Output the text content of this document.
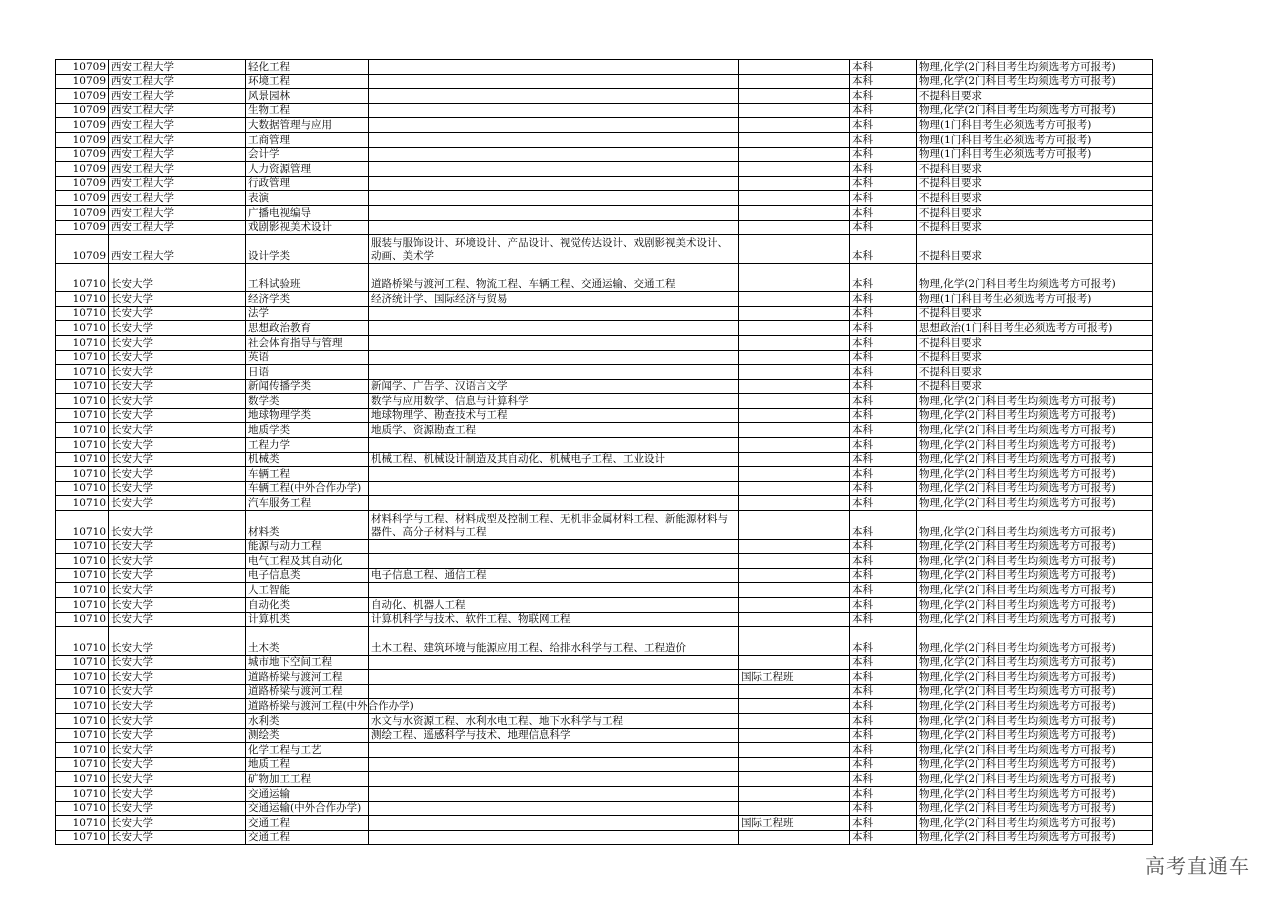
10709	西安工程大学	轻化工程			本科	物理,化学(2门科目考生均须选考方可报考)
10709	西安工程大学	环境工程			本科	物理,化学(2门科目考生均须选考方可报考)
10709	西安工程大学	风景园林			本科	不提科目要求
10709	西安工程大学	生物工程			本科	物理,化学(2门科目考生均须选考方可报考)
10709	西安工程大学	大数据管理与应用			本科	物理(1门科目考生必须选考方可报考)
10709	西安工程大学	工商管理			本科	物理(1门科目考生必须选考方可报考)
10709	西安工程大学	会计学			本科	物理(1门科目考生必须选考方可报考)
10709	西安工程大学	人力资源管理			本科	不提科目要求
10709	西安工程大学	行政管理			本科	不提科目要求
10709	西安工程大学	表演			本科	不提科目要求
10709	西安工程大学	广播电视编导			本科	不提科目要求
10709	西安工程大学	戏剧影视美术设计			本科	不提科目要求
10709	西安工程大学	设计学类	服装与服饰设计、环境设计、产品设计、视觉传达设计、戏剧影视美术设计、动画、美术学		本科	不提科目要求
10710	长安大学	工科试验班	道路桥梁与渡河工程、物流工程、车辆工程、交通运输、交通工程		本科	物理,化学(2门科目考生均须选考方可报考)
10710	长安大学	经济学类	经济统计学、国际经济与贸易		本科	物理(1门科目考生必须选考方可报考)
10710	长安大学	法学			本科	不提科目要求
10710	长安大学	思想政治教育			本科	思想政治(1门科目考生必须选考方可报考)
10710	长安大学	社会体育指导与管理			本科	不提科目要求
10710	长安大学	英语			本科	不提科目要求
10710	长安大学	日语			本科	不提科目要求
10710	长安大学	新闻传播学类	新闻学、广告学、汉语言文学		本科	不提科目要求
10710	长安大学	数学类	数学与应用数学、信息与计算科学		本科	物理,化学(2门科目考生均须选考方可报考)
10710	长安大学	地球物理学类	地球物理学、勘查技术与工程		本科	物理,化学(2门科目考生均须选考方可报考)
10710	长安大学	地质学类	地质学、资源勘查工程		本科	物理,化学(2门科目考生均须选考方可报考)
10710	长安大学	工程力学			本科	物理,化学(2门科目考生均须选考方可报考)
10710	长安大学	机械类	机械工程、机械设计制造及其自动化、机械电子工程、工业设计		本科	物理,化学(2门科目考生均须选考方可报考)
10710	长安大学	车辆工程			本科	物理,化学(2门科目考生均须选考方可报考)
10710	长安大学	车辆工程(中外合作办学)			本科	物理,化学(2门科目考生均须选考方可报考)
10710	长安大学	汽车服务工程			本科	物理,化学(2门科目考生均须选考方可报考)
10710	长安大学	材料类	材料科学与工程、材料成型及控制工程、无机非金属材料工程、新能源材料与器件、高分子材料与工程		本科	物理,化学(2门科目考生均须选考方可报考)
10710	长安大学	能源与动力工程			本科	物理,化学(2门科目考生均须选考方可报考)
10710	长安大学	电气工程及其自动化			本科	物理,化学(2门科目考生均须选考方可报考)
10710	长安大学	电子信息类	电子信息工程、通信工程		本科	物理,化学(2门科目考生均须选考方可报考)
10710	长安大学	人工智能			本科	物理,化学(2门科目考生均须选考方可报考)
10710	长安大学	自动化类	自动化、机器人工程		本科	物理,化学(2门科目考生均须选考方可报考)
10710	长安大学	计算机类	计算机科学与技术、软件工程、物联网工程		本科	物理,化学(2门科目考生均须选考方可报考)
10710	长安大学	土木类	土木工程、建筑环境与能源应用工程、给排水科学与工程、工程造价		本科	物理,化学(2门科目考生均须选考方可报考)
10710	长安大学	城市地下空间工程			本科	物理,化学(2门科目考生均须选考方可报考)
10710	长安大学	道路桥梁与渡河工程		国际工程班	本科	物理,化学(2门科目考生均须选考方可报考)
10710	长安大学	道路桥梁与渡河工程			本科	物理,化学(2门科目考生均须选考方可报考)
10710	长安大学	道路桥梁与渡河工程(中外合作办学)			本科	物理,化学(2门科目考生均须选考方可报考)
10710	长安大学	水利类	水文与水资源工程、水利水电工程、地下水科学与工程		本科	物理,化学(2门科目考生均须选考方可报考)
10710	长安大学	测绘类	测绘工程、遥感科学与技术、地理信息科学		本科	物理,化学(2门科目考生均须选考方可报考)
10710	长安大学	化学工程与工艺			本科	物理,化学(2门科目考生均须选考方可报考)
10710	长安大学	地质工程			本科	物理,化学(2门科目考生均须选考方可报考)
10710	长安大学	矿物加工工程			本科	物理,化学(2门科目考生均须选考方可报考)
10710	长安大学	交通运输			本科	物理,化学(2门科目考生均须选考方可报考)
10710	长安大学	交通运输(中外合作办学)			本科	物理,化学(2门科目考生均须选考方可报考)
10710	长安大学	交通工程		国际工程班	本科	物理,化学(2门科目考生均须选考方可报考)
10710	长安大学	交通工程			本科	物理,化学(2门科目考生均须选考方可报考)
高考直通车
